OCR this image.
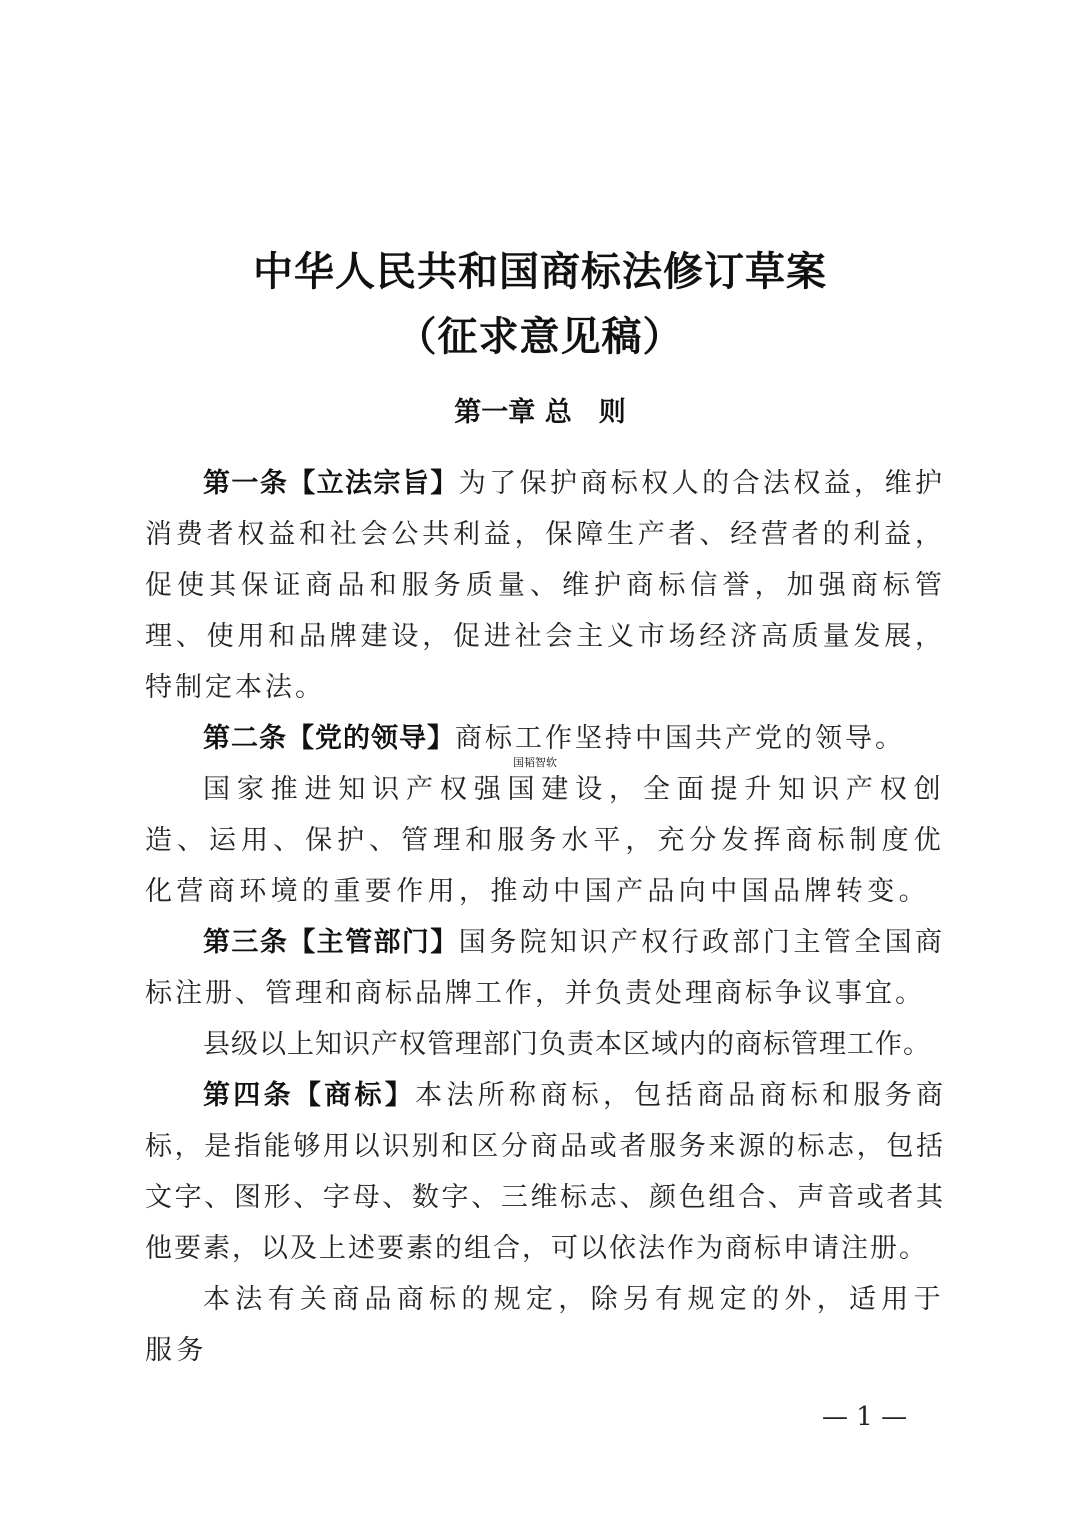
中华人民共和国商标法修订草案
（征求意见稿）
第一章 总　则

第一条【立法宗旨】为了保护商标权人的合法权益，维护消费者权益和社会公共利益，保障生产者、经营者的利益，促使其保证商品和服务质量、维护商标信誉，加强商标管理、使用和品牌建设，促进社会主义市场经济高质量发展，特制定本法。

第二条【党的领导】商标工作坚持中国共产党的领导。

国家推进知识产权强国建设，全面提升知识产权创造、运用、保护、管理和服务水平，充分发挥商标制度优化营商环境的重要作用，推动中国产品向中国品牌转变。

第三条【主管部门】国务院知识产权行政部门主管全国商标注册、管理和商标品牌工作，并负责处理商标争议事宜。

县级以上知识产权管理部门负责本区域内的商标管理工作。

第四条【商标】本法所称商标，包括商品商标和服务商标，是指能够用以识别和区分商品或者服务来源的标志，包括文字、图形、字母、数字、三维标志、颜色组合、声音或者其他要素，以及上述要素的组合，可以依法作为商标申请注册。

本法有关商品商标的规定，除另有规定的外，适用于服务

国韬智软
— 1 —
